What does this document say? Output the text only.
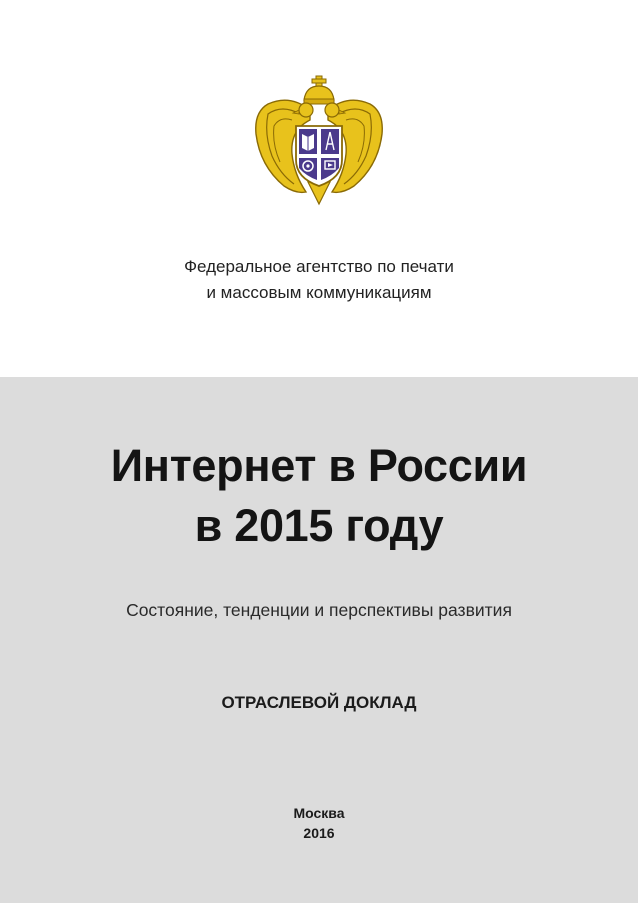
Федеральное агентство по печати
и массовым коммуникациям
Интернет в России
в 2015 году
Состояние, тенденции и перспективы развития
ОТРАСЛЕВОЙ ДОКЛАД
Москва
2016
